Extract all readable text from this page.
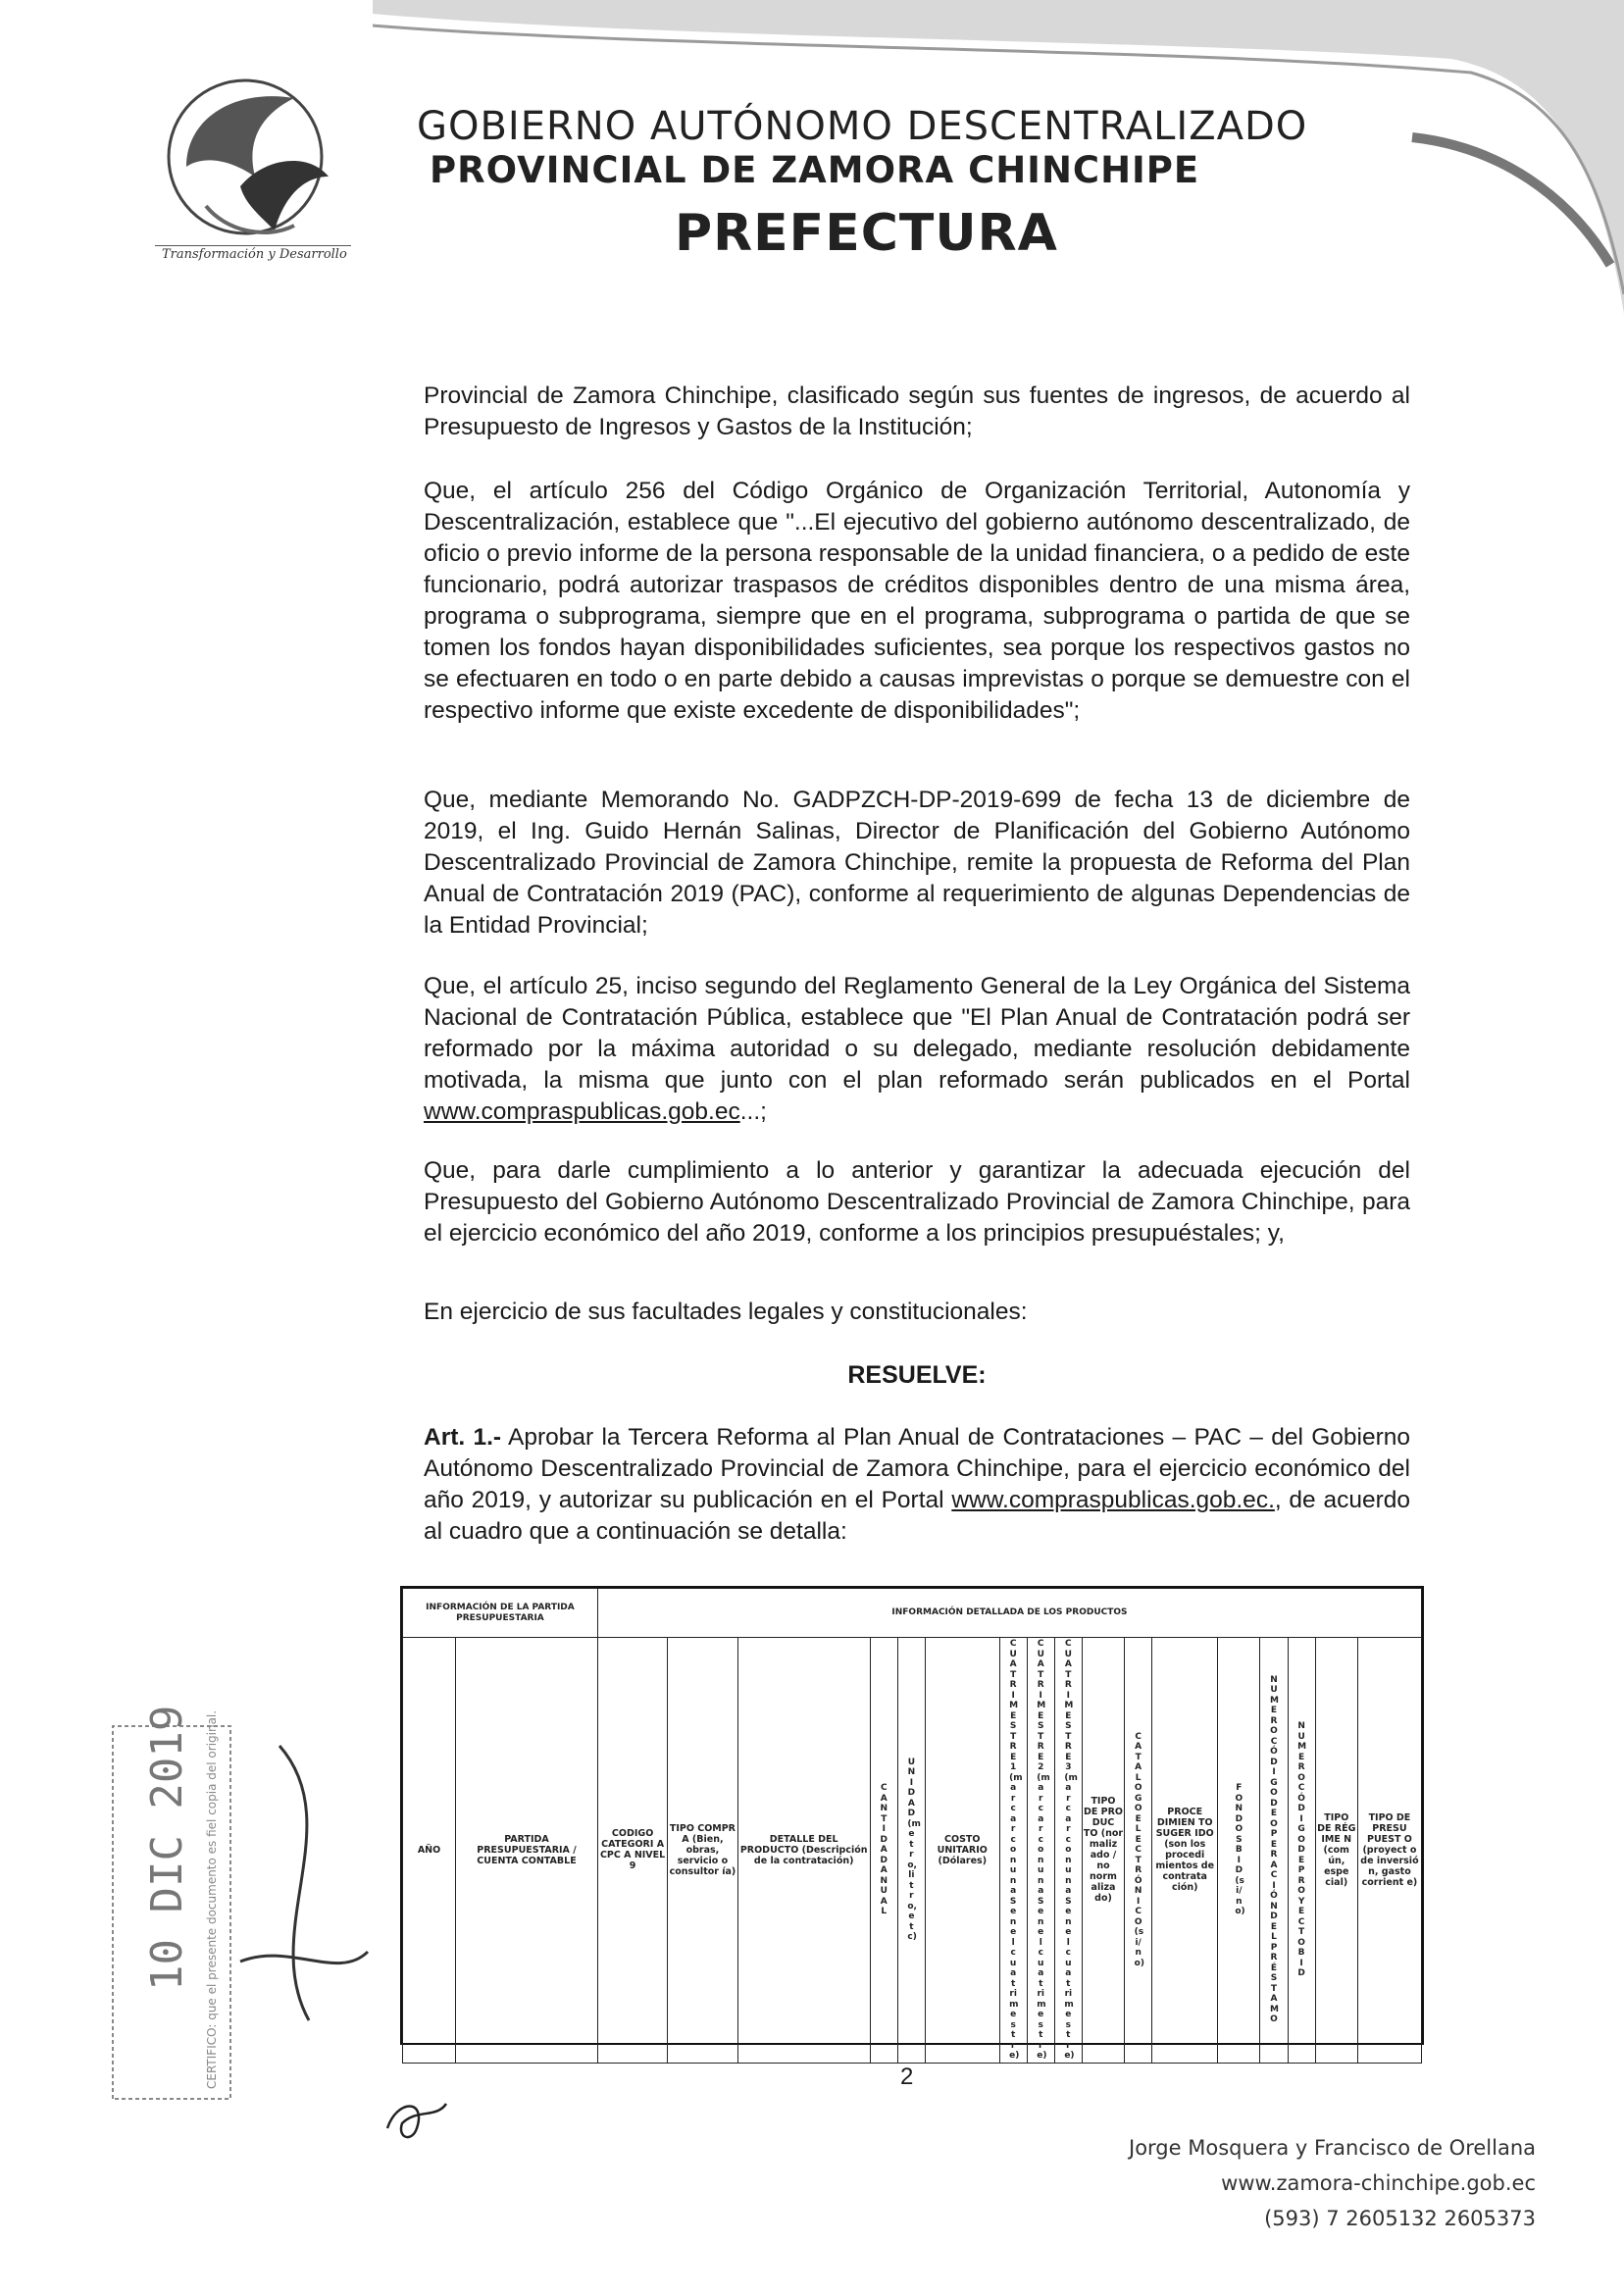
Transformación y Desarrollo
GOBIERNO AUTÓNOMO DESCENTRALIZADO
PROVINCIAL DE ZAMORA CHINCHIPE
PREFECTURA

Provincial de Zamora Chinchipe, clasificado según sus fuentes de ingresos, de acuerdo al Presupuesto de Ingresos y Gastos de la Institución;

Que, el artículo 256 del Código Orgánico de Organización Territorial, Autonomía y Descentralización, establece que "...El ejecutivo del gobierno autónomo descentralizado, de oficio o previo informe de la persona responsable de la unidad financiera, o a pedido de este funcionario, podrá autorizar traspasos de créditos disponibles dentro de una misma área, programa o subprograma, siempre que en el programa, subprograma o partida de que se tomen los fondos hayan disponibilidades suficientes, sea porque los respectivos gastos no se efectuaren en todo o en parte debido a causas imprevistas o porque se demuestre con el respectivo informe que existe excedente de disponibilidades";

Que, mediante Memorando No. GADPZCH-DP-2019-699 de fecha 13 de diciembre de 2019, el Ing. Guido Hernán Salinas, Director de Planificación del Gobierno Autónomo Descentralizado Provincial de Zamora Chinchipe, remite la propuesta de Reforma del Plan Anual de Contratación 2019 (PAC), conforme al requerimiento de algunas Dependencias de la Entidad Provincial;

Que, el artículo 25, inciso segundo del Reglamento General de la Ley Orgánica del Sistema Nacional de Contratación Pública, establece que "El Plan Anual de Contratación podrá ser reformado por la máxima autoridad o su delegado, mediante resolución debidamente motivada, la misma que junto con el plan reformado serán publicados en el Portal www.compraspublicas.gob.ec...;

Que, para darle cumplimiento a lo anterior y garantizar la adecuada ejecución del Presupuesto del Gobierno Autónomo Descentralizado Provincial de Zamora Chinchipe, para el ejercicio económico del año 2019, conforme a los principios presupuéstales; y,

En ejercicio de sus facultades legales y constitucionales:

RESUELVE:

Art. 1.- Aprobar la Tercera Reforma al Plan Anual de Contrataciones – PAC – del Gobierno Autónomo Descentralizado Provincial de Zamora Chinchipe, para el ejercicio económico del año 2019, y autorizar su publicación en el Portal www.compraspublicas.gob.ec., de acuerdo al cuadro que a continuación se detalla:

INFORMACIÓN DE LA PARTIDA PRESUPUESTARIA		INFORMACIÓN DETALLADA DE LOS PRODUCTOS																
AÑO	PARTIDA PRESUPUESTARIA / CUENTA CONTABLE	CODIGO CATEGORI A CPC A NIVEL 9	TIPO COMPR A (Bien, obras, servicio o consultor ía)	DETALLE DEL PRODUCTO (Descripción de la contratación)	CANTIDADANUAL	UNIDAD(metro,litro,etc)	COSTO UNITARIO (Dólares)	CUATRIMESTRE1(marcarconunaSenelcuatrimestre)	CUATRIMESTRE2(marcarconunaSenelcuatrimestre)	CUATRIMESTRE3(marcarconunaSenelcuatrimestre)	TIPO DE PRO DUC TO (nor maliz ado / no norm aliza do)	CATALOGOELECTRÓNICO(si/no)	PROCE DIMIEN TO SUGER IDO (son los procedi mientos de contrata ción)	FONDOSBID(si/no)	NUMEROCÓDIGODEOPERACIÓNDELPRÉSTAMO	NUMEROCÓDIGODEPROYECTOBID	TIPO DE RÉG IME N (com ún, espe cial)	TIPO DE PRESU PUEST O (proyect o de inversió n, gasto corrient e)
10 DIC 2019 CERTIFICO: que el presente documento es fiel copia del original.	2
Jorge Mosquera y Francisco de Orellana
www.zamora-chinchipe.gob.ec
(593) 7 2605132 2605373
